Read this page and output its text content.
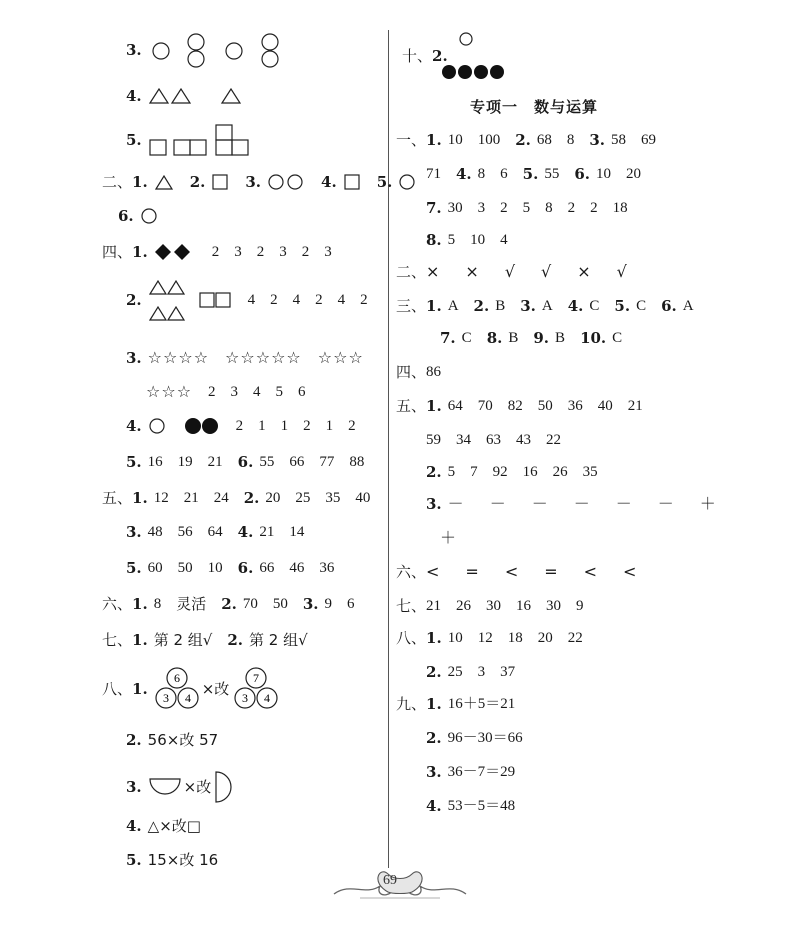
3.
4.
5.
二、 1.	2.	3.	4.	5.
6.
四、 1.	2 3 2 3 2 3
2.	4 2 4 2 4 2
3. ☆☆☆☆ ☆☆☆☆☆ ☆☆☆
☆☆☆ 2 3 4 5 6
4.	2 1 1 2 1 2
5. 16 19 21 6. 55 66 77 88
五、 1. 12 21 24 2. 20 25 35 40
3. 48 56 64 4. 21 14
5. 60 50 10 6. 66 46 36
六、 1. 8 灵活 2. 70 50 3. 9 6
七、 1. 第 2 组√ 2. 第 2 组√
八、 1.
6
3 4 ×改
7
3 4
2. 56×改 57
3.	×改
4. △×改□
5. 15×改 16
十、 2.
专项一 数与运算
一、 1. 10 100 2. 68 8 3. 58 69
71 4. 8 6 5. 55 6. 10 20
7. 30 3 2 5 8 2 2 18
8. 5 10 4
二、 × × √ √ × √
三、 1. A 2. B 3. A 4. C 5. C 6. A
7. C 8. B 9. B 10. C
四、 86
五、 1. 64 70 82 50 36 40 21
59 34 63 43 22
2. 5 7 92 16 26 35
3. － － － － － － ＋
＋
六、 < = < = < <
七、 21 26 30 16 30 9
八、 1. 10 12 18 20 22
2. 25 3 37
九、 1. 16＋5＝21
2. 96－30＝66
3. 36－7＝29
4. 53－5＝48
69
